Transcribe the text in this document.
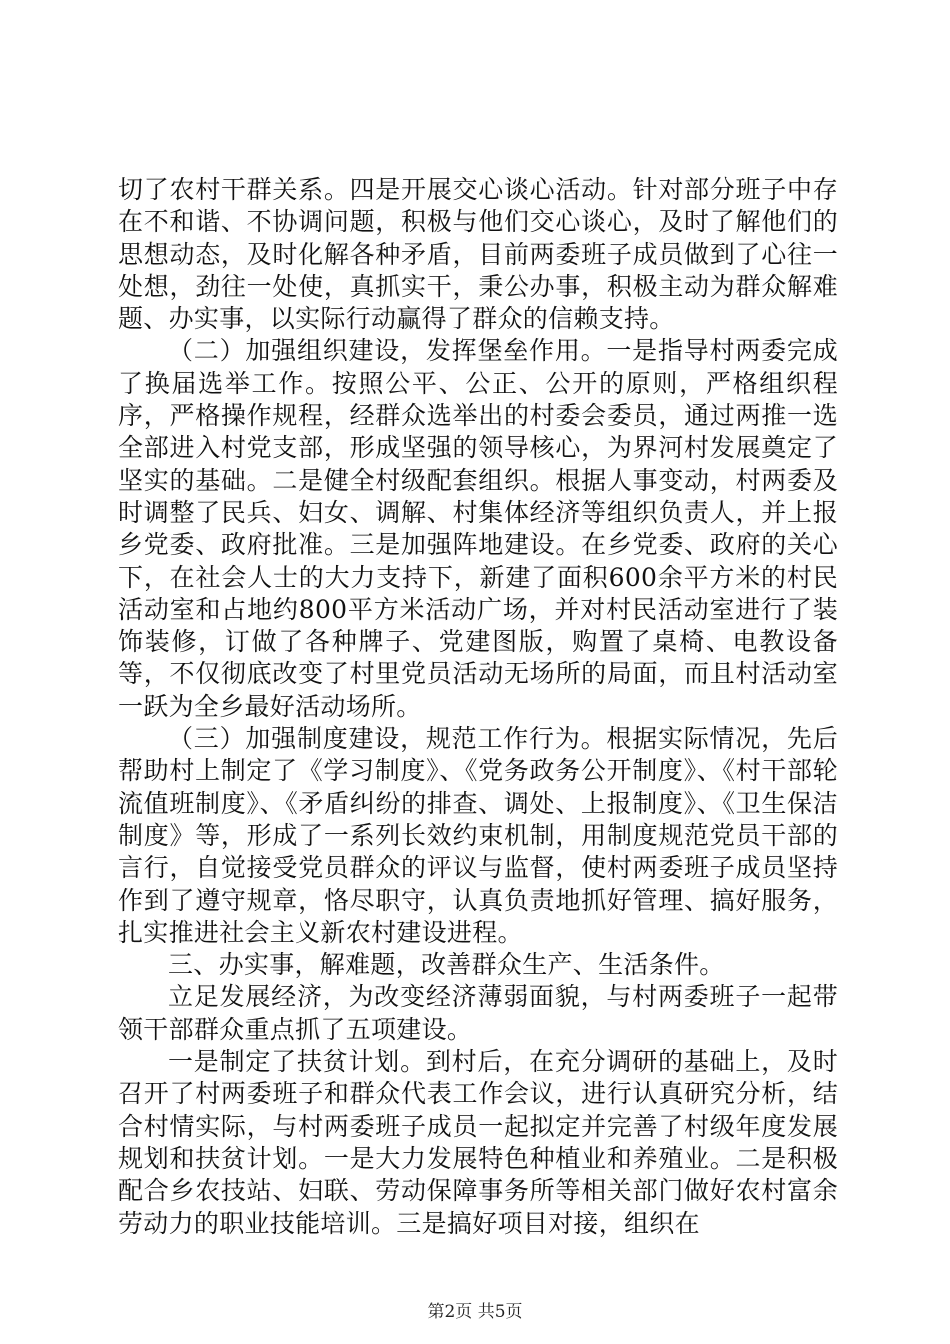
切了农村干群关系。四是开展交心谈心活动。针对部分班子中存在不和谐、不协调问题，积极与他们交心谈心，及时了解他们的思想动态，及时化解各种矛盾，目前两委班子成员做到了心往一处想，劲往一处使，真抓实干，秉公办事，积极主动为群众解难题、办实事，以实际行动赢得了群众的信赖支持。

（二）加强组织建设，发挥堡垒作用。一是指导村两委完成了换届选举工作。按照公平、公正、公开的原则，严格组织程序，严格操作规程，经群众选举出的村委会委员，通过两推一选全部进入村党支部，形成坚强的领导核心，为界河村发展奠定了坚实的基础。二是健全村级配套组织。根据人事变动，村两委及时调整了民兵、妇女、调解、村集体经济等组织负责人，并上报乡党委、政府批准。三是加强阵地建设。在乡党委、政府的关心下，在社会人士的大力支持下，新建了面积600余平方米的村民活动室和占地约800平方米活动广场，并对村民活动室进行了装饰装修，订做了各种牌子、党建图版，购置了桌椅、电教设备等，不仅彻底改变了村里党员活动无场所的局面，而且村活动室一跃为全乡最好活动场所。

（三）加强制度建设，规范工作行为。根据实际情况，先后帮助村上制定了《学习制度》、《党务政务公开制度》、《村干部轮流值班制度》、《矛盾纠纷的排查、调处、上报制度》、《卫生保洁制度》等，形成了一系列长效约束机制，用制度规范党员干部的言行，自觉接受党员群众的评议与监督，使村两委班子成员坚持作到了遵守规章，恪尽职守，认真负责地抓好管理、搞好服务，扎实推进社会主义新农村建设进程。

三、办实事，解难题，改善群众生产、生活条件。

立足发展经济，为改变经济薄弱面貌，与村两委班子一起带领干部群众重点抓了五项建设。

一是制定了扶贫计划。到村后，在充分调研的基础上，及时召开了村两委班子和群众代表工作会议，进行认真研究分析，结合村情实际，与村两委班子成员一起拟定并完善了村级年度发展规划和扶贫计划。一是大力发展特色种植业和养殖业。二是积极配合乡农技站、妇联、劳动保障事务所等相关部门做好农村富余劳动力的职业技能培训。三是搞好项目对接，组织在

第2页 共5页
